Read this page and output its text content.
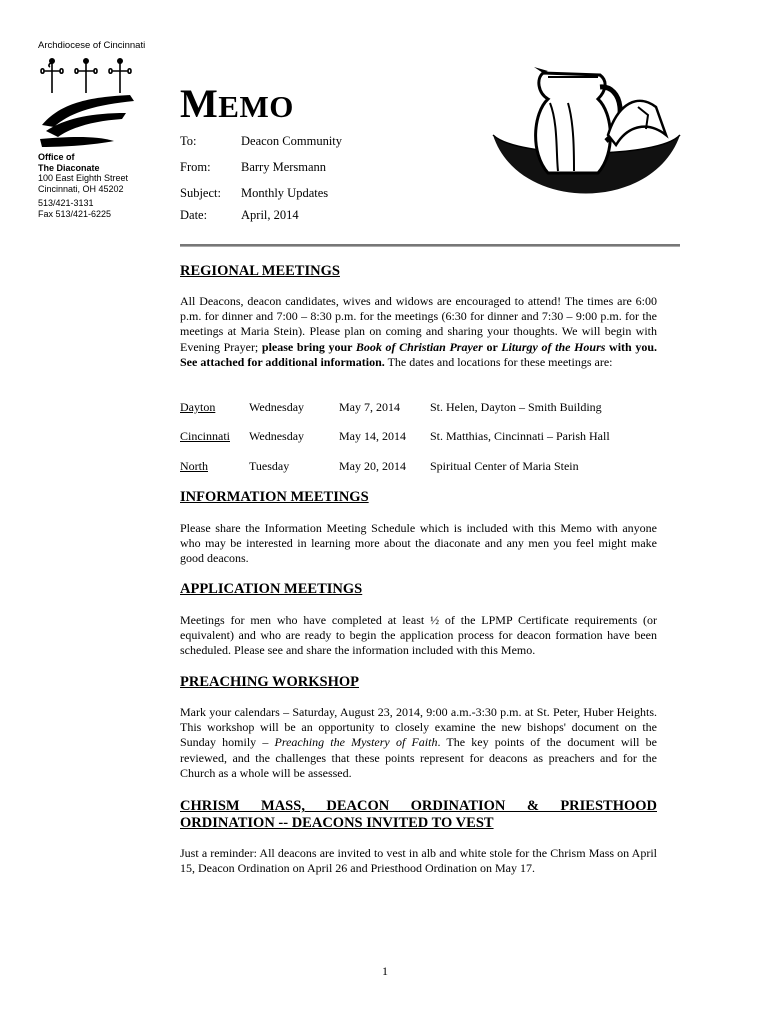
Archdiocese of Cincinnati
Office of
The Diaconate
100 East Eighth Street
Cincinnati, OH 45202
513/421-3131
Fax 513/421-6225
MEMO
To:	Deacon Community
From: Barry Mersmann
Subject: Monthly Updates
Date:	April, 2014
REGIONAL MEETINGS
All Deacons, deacon candidates, wives and widows are encouraged to attend! The times are 6:00 p.m. for dinner and 7:00 – 8:30 p.m. for the meetings (6:30 for dinner and 7:30 – 9:00 p.m. for the meetings at Maria Stein). Please plan on coming and sharing your thoughts. We will begin with Evening Prayer; please bring your Book of Christian Prayer or Liturgy of the Hours with you. See attached for additional information. The dates and locations for these meetings are:
Dayton	Wednesday	May 7, 2014	St. Helen, Dayton – Smith Building
Cincinnati Wednesday	May 14, 2014 St. Matthias, Cincinnati – Parish Hall
North	Tuesday	May 20, 2014 Spiritual Center of Maria Stein
INFORMATION MEETINGS
Please share the Information Meeting Schedule which is included with this Memo with anyone who may be interested in learning more about the diaconate and any men you feel might make good deacons.
APPLICATION MEETINGS
Meetings for men who have completed at least ½ of the LPMP Certificate requirements (or equivalent) and who are ready to begin the application process for deacon formation have been scheduled. Please see and share the information included with this Memo.
PREACHING WORKSHOP
Mark your calendars – Saturday, August 23, 2014, 9:00 a.m.-3:30 p.m. at St. Peter, Huber Heights. This workshop will be an opportunity to closely examine the new bishops' document on the Sunday homily – Preaching the Mystery of Faith. The key points of the document will be reviewed, and the challenges that these points represent for deacons as preachers and for the Church as a whole will be assessed.
CHRISM MASS, DEACON ORDINATION & PRIESTHOOD
ORDINATION -- DEACONS INVITED TO VEST
Just a reminder: All deacons are invited to vest in alb and white stole for the Chrism Mass on April 15, Deacon Ordination on April 26 and Priesthood Ordination on May 17.
1
